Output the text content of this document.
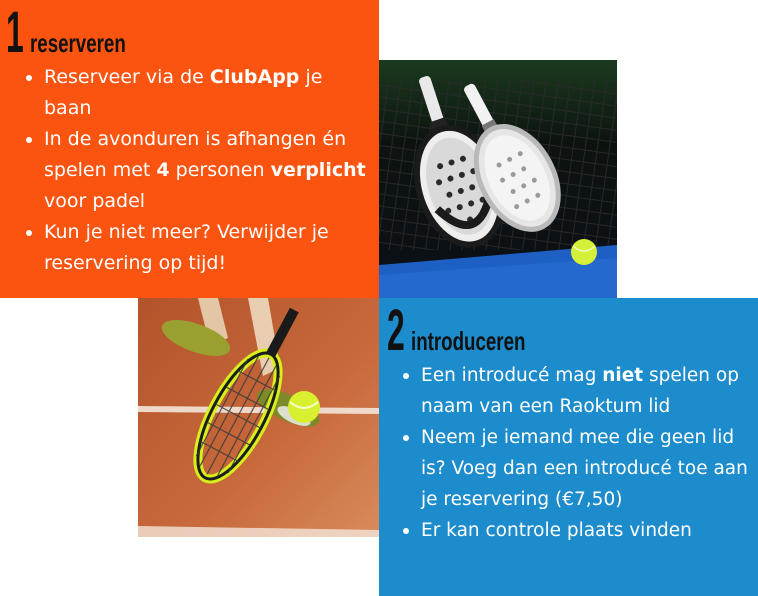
1 reserveren
Reserveer via de ClubApp je baan
In de avonduren is afhangen én spelen met 4 personen verplicht voor padel
Kun je niet meer? Verwijder je reservering op tijd!
2 introduceren
Een introducé mag niet spelen op naam van een Raoktum lid
Neem je iemand mee die geen lid is? Voeg dan een introducé toe aan je reservering (€7,50)
Er kan controle plaats vinden
